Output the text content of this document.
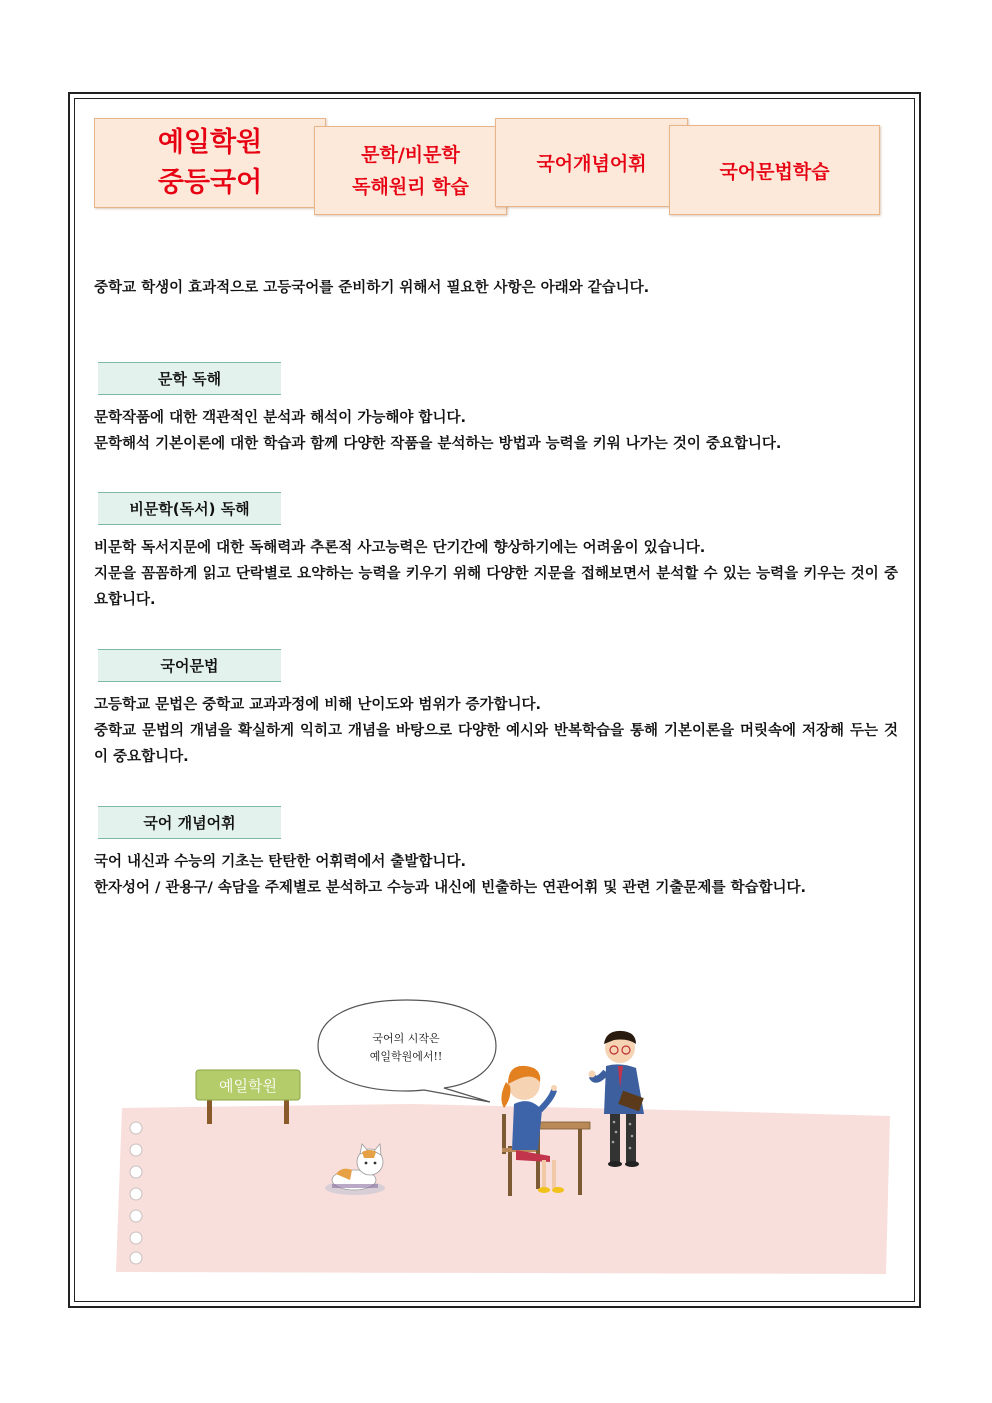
예일학원
중등국어
문학/비문학
독해원리 학습
국어개념어휘	국어문법학습
중학교 학생이 효과적으로 고등국어를 준비하기 위해서 필요한 사항은 아래와 같습니다.
문학 독해

문학작품에 대한 객관적인 분석과 해석이 가능해야 합니다.

문학해석 기본이론에 대한 학습과 함께 다양한 작품을 분석하는 방법과 능력을 키워 나가는 것이 중요합니다.

비문학(독서) 독해

비문학 독서지문에 대한 독해력과 추론적 사고능력은 단기간에 향상하기에는 어려움이 있습니다.

지문을 꼼꼼하게 읽고 단락별로 요약하는 능력을 키우기 위해 다양한 지문을 접해보면서 분석할 수 있는 능력을 키우는 것이 중요합니다.

국어문법

고등학교 문법은 중학교 교과과정에 비해 난이도와 범위가 증가합니다.

중학교 문법의 개념을 확실하게 익히고 개념을 바탕으로 다양한 예시와 반복학습을 통해 기본이론을 머릿속에 저장해 두는 것이 중요합니다.

국어 개념어휘

국어 내신과 수능의 기초는 탄탄한 어휘력에서 출발합니다.

한자성어 / 관용구/ 속담을 주제별로 분석하고 수능과 내신에 빈출하는 연관어휘 및 관련 기출문제를 학습합니다.

국어의 시작은
예일학원에서!!
예일학원
